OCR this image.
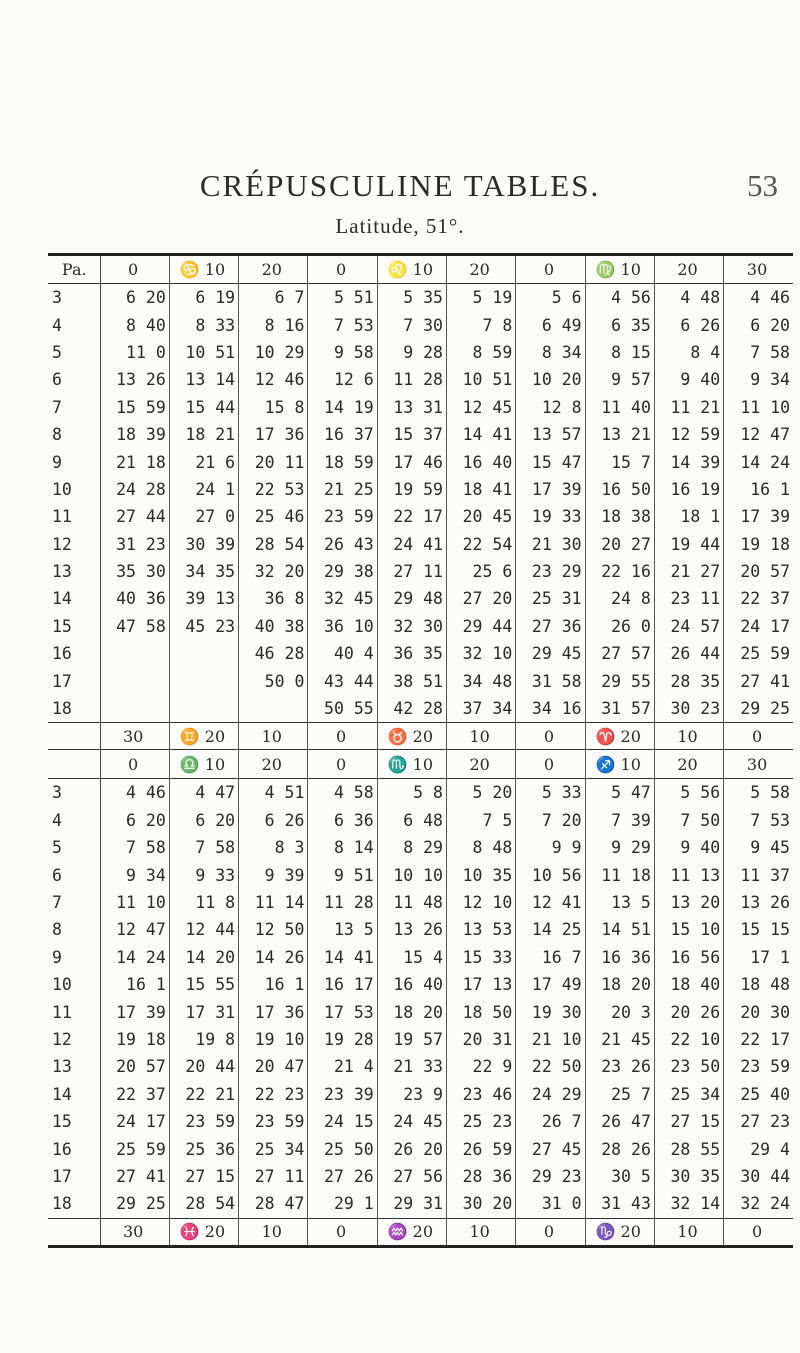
CRÉPUSCULINE TABLES.	53
Latitude, 51°.
Pa.	0	♋ 10	20	0	♌ 10	20	0	♍ 10	20	30
3	6 20	6 19	6 7	5 51	5 35	5 19	5 6	4 56	4 48	4 46
4	8 40	8 33	8 16	7 53	7 30	7 8	6 49	6 35	6 26	6 20
5	11 0	10 51	10 29	9 58	9 28	8 59	8 34	8 15	8 4	7 58
6	13 26	13 14	12 46	12 6	11 28	10 51	10 20	9 57	9 40	9 34
7	15 59	15 44	15 8	14 19	13 31	12 45	12 8	11 40	11 21	11 10
8	18 39	18 21	17 36	16 37	15 37	14 41	13 57	13 21	12 59	12 47
9	21 18	21 6	20 11	18 59	17 46	16 40	15 47	15 7	14 39	14 24
10	24 28	24 1	22 53	21 25	19 59	18 41	17 39	16 50	16 19	16 1
11	27 44	27 0	25 46	23 59	22 17	20 45	19 33	18 38	18 1	17 39
12	31 23	30 39	28 54	26 43	24 41	22 54	21 30	20 27	19 44	19 18
13	35 30	34 35	32 20	29 38	27 11	25 6	23 29	22 16	21 27	20 57
14	40 36	39 13	36 8	32 45	29 48	27 20	25 31	24 8	23 11	22 37
15	47 58	45 23	40 38	36 10	32 30	29 44	27 36	26 0	24 57	24 17
16			46 28	40 4	36 35	32 10	29 45	27 57	26 44	25 59
17			50 0	43 44	38 51	34 48	31 58	29 55	28 35	27 41
18				50 55	42 28	37 34	34 16	31 57	30 23	29 25
	30	♊ 20	10	0	♉ 20	10	0	♈ 20	10	0
	0	♎ 10	20	0	♏ 10	20	0	♐ 10	20	30
3	4 46	4 47	4 51	4 58	5 8	5 20	5 33	5 47	5 56	5 58
4	6 20	6 20	6 26	6 36	6 48	7 5	7 20	7 39	7 50	7 53
5	7 58	7 58	8 3	8 14	8 29	8 48	9 9	9 29	9 40	9 45
6	9 34	9 33	9 39	9 51	10 10	10 35	10 56	11 18	11 13	11 37
7	11 10	11 8	11 14	11 28	11 48	12 10	12 41	13 5	13 20	13 26
8	12 47	12 44	12 50	13 5	13 26	13 53	14 25	14 51	15 10	15 15
9	14 24	14 20	14 26	14 41	15 4	15 33	16 7	16 36	16 56	17 1
10	16 1	15 55	16 1	16 17	16 40	17 13	17 49	18 20	18 40	18 48
11	17 39	17 31	17 36	17 53	18 20	18 50	19 30	20 3	20 26	20 30
12	19 18	19 8	19 10	19 28	19 57	20 31	21 10	21 45	22 10	22 17
13	20 57	20 44	20 47	21 4	21 33	22 9	22 50	23 26	23 50	23 59
14	22 37	22 21	22 23	23 39	23 9	23 46	24 29	25 7	25 34	25 40
15	24 17	23 59	23 59	24 15	24 45	25 23	26 7	26 47	27 15	27 23
16	25 59	25 36	25 34	25 50	26 20	26 59	27 45	28 26	28 55	29 4
17	27 41	27 15	27 11	27 26	27 56	28 36	29 23	30 5	30 35	30 44
18	29 25	28 54	28 47	29 1	29 31	30 20	31 0	31 43	32 14	32 24
	30	♓ 20	10	0	♒ 20	10	0	♑ 20	10	0
